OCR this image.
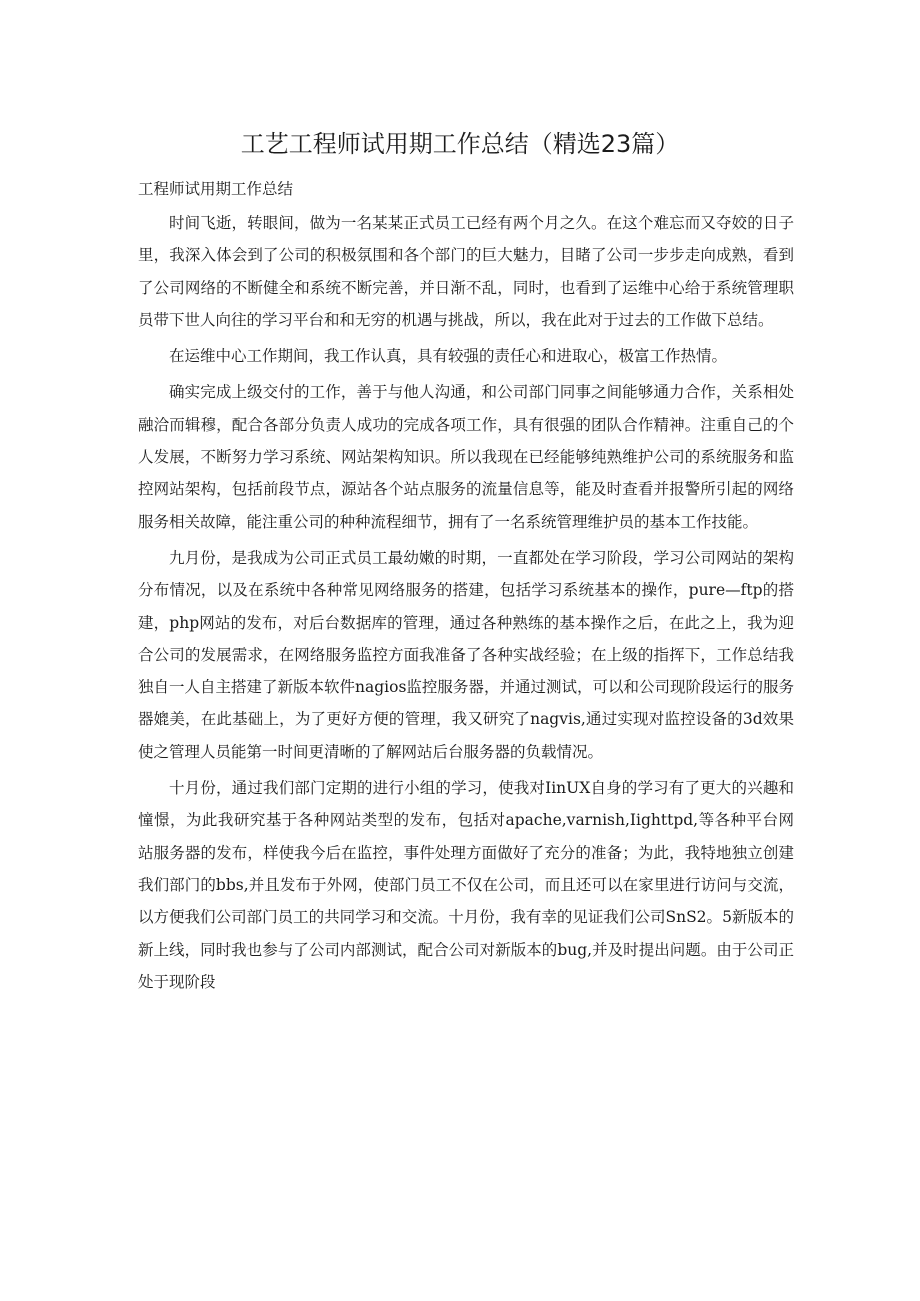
工艺工程师试用期工作总结（精选23篇）

工程师试用期工作总结

时间飞逝，转眼间，做为一名某某正式员工已经有两个月之久。在这个难忘而又夺姣的日子里，我深入体会到了公司的积极氛围和各个部门的巨大魅力，目睹了公司一步步走向成熟，看到了公司网络的不断健全和系统不断完善，并日渐不乱，同时，也看到了运维中心给于系统管理职员带下世人向往的学习平台和和无穷的机遇与挑战，所以，我在此对于过去的工作做下总结。

在运维中心工作期间，我工作认真，具有较强的责任心和进取心，极富工作热情。

确实完成上级交付的工作，善于与他人沟通，和公司部门同事之间能够通力合作，关系相处融洽而辑穆，配合各部分负责人成功的完成各项工作，具有很强的团队合作精神。注重自己的个人发展，不断努力学习系统、网站架构知识。所以我现在已经能够纯熟维护公司的系统服务和监控网站架构，包括前段节点，源站各个站点服务的流量信息等，能及时查看并报警所引起的网络服务相关故障，能注重公司的种种流程细节，拥有了一名系统管理维护员的基本工作技能。

九月份，是我成为公司正式员工最幼嫩的时期，一直都处在学习阶段，学习公司网站的架构分布情况，以及在系统中各种常见网络服务的搭建，包括学习系统基本的操作，pure—ftp的搭建，php网站的发布，对后台数据库的管理，通过各种熟练的基本操作之后，在此之上，我为迎合公司的发展需求，在网络服务监控方面我准备了各种实战经验；在上级的指挥下，工作总结我独自一人自主搭建了新版本软件nagios监控服务器，并通过测试，可以和公司现阶段运行的服务器媲美，在此基础上，为了更好方便的管理，我又研究了nagvis,通过实现对监控设备的3d效果使之管理人员能第一时间更清晰的了解网站后台服务器的负载情况。

十月份，通过我们部门定期的进行小组的学习，使我对IinUX自身的学习有了更大的兴趣和憧憬，为此我研究基于各种网站类型的发布，包括对apache,varnish,Iighttpd,等各种平台网站服务器的发布，样使我今后在监控，事件处理方面做好了充分的准备；为此，我特地独立创建我们部门的bbs,并且发布于外网，使部门员工不仅在公司，而且还可以在家里进行访问与交流，以方便我们公司部门员工的共同学习和交流。十月份，我有幸的见证我们公司SnS2。5新版本的新上线，同时我也参与了公司内部测试，配合公司对新版本的bug,并及时提出问题。由于公司正处于现阶段
